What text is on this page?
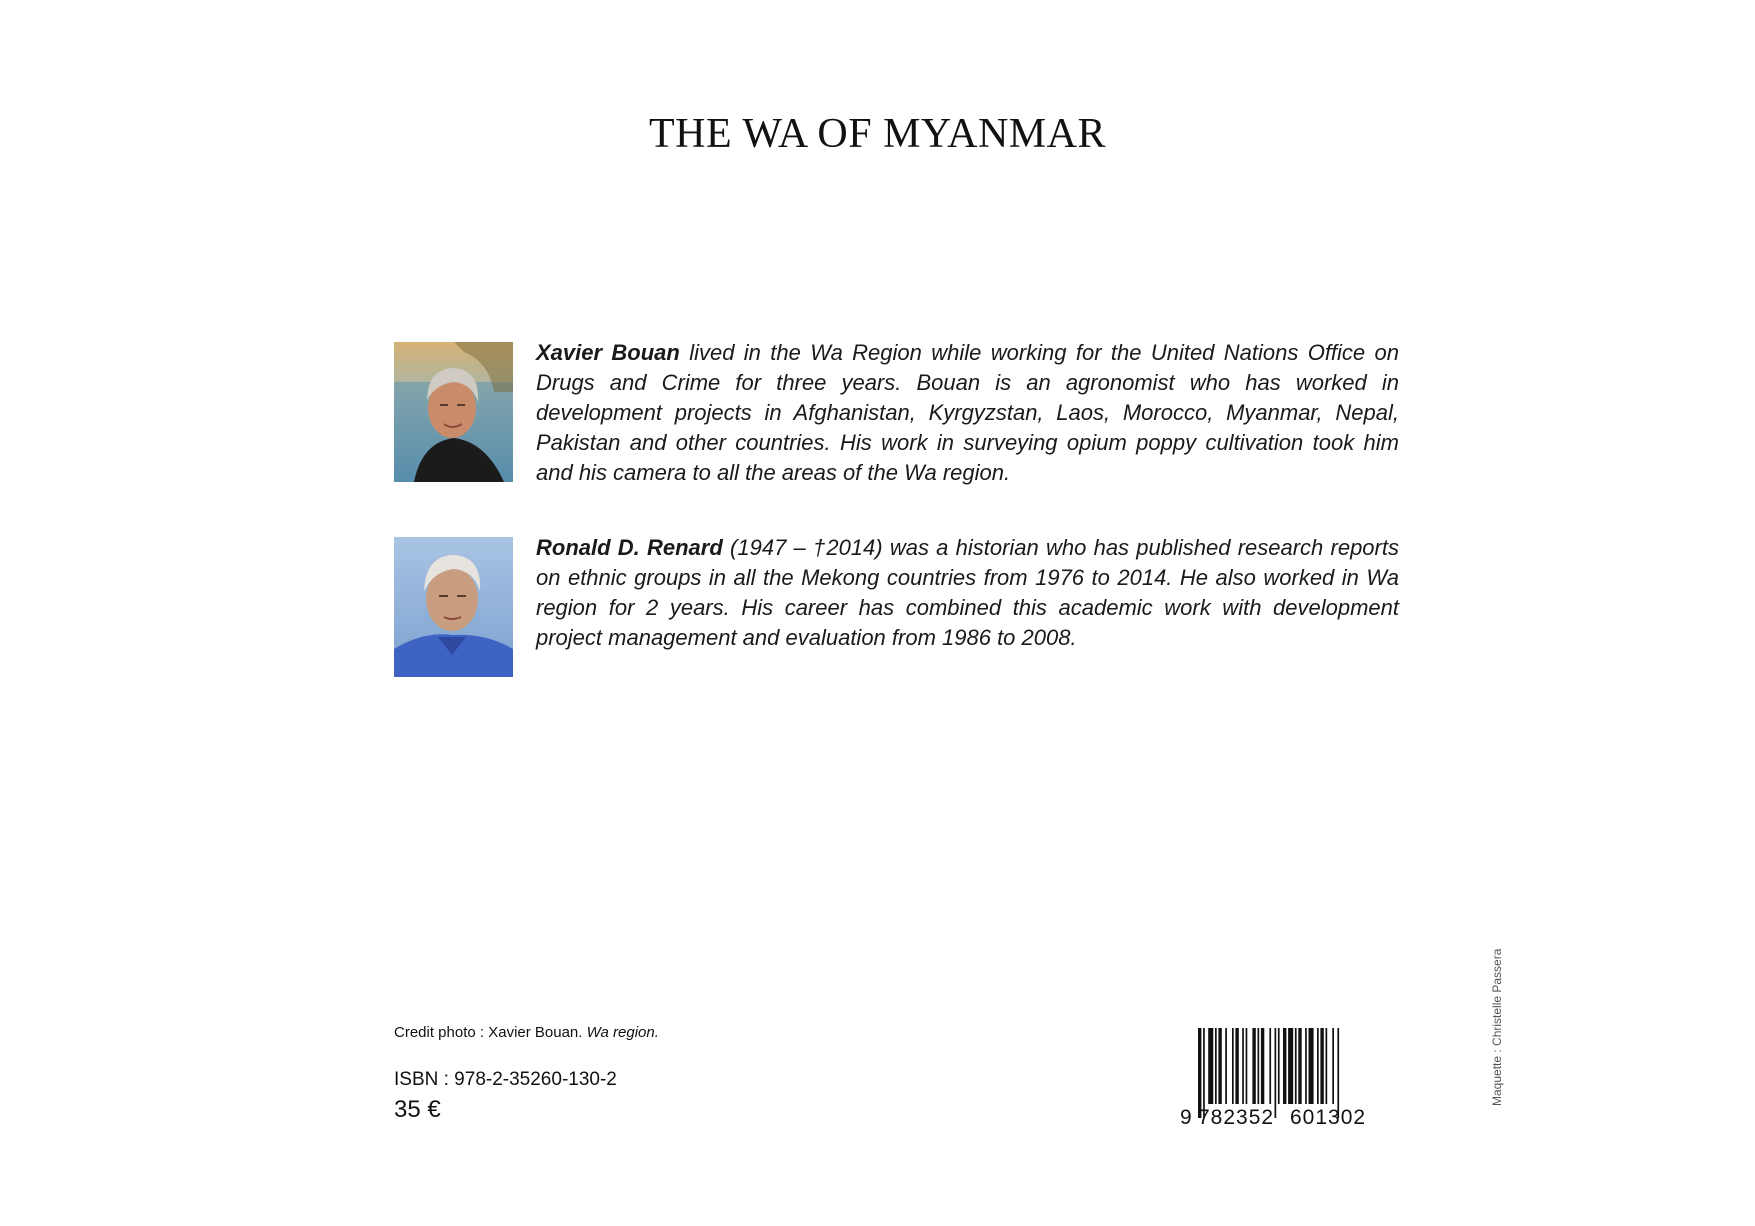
THE WA OF MYANMAR
Xavier Bouan lived in the Wa Region while working for the United Nations Office on Drugs and Crime for three years. Bouan is an agronomist who has worked in development projects in Afghanistan, Kyrgyzstan, Laos, Morocco, Myanmar, Nepal, Pakistan and other countries. His work in surveying opium poppy cultivation took him and his camera to all the areas of the Wa region.
Ronald D. Renard (1947 – †2014) was a historian who has published research reports on ethnic groups in all the Mekong countries from 1976 to 2014. He also worked in Wa region for 2 years. His career has combined this academic work with development project management and evaluation from 1986 to 2008.
Credit photo : Xavier Bouan. Wa region.
ISBN : 978-2-35260-130-2
35 €	9 782352 601302
Maquette : Christelle Passera
